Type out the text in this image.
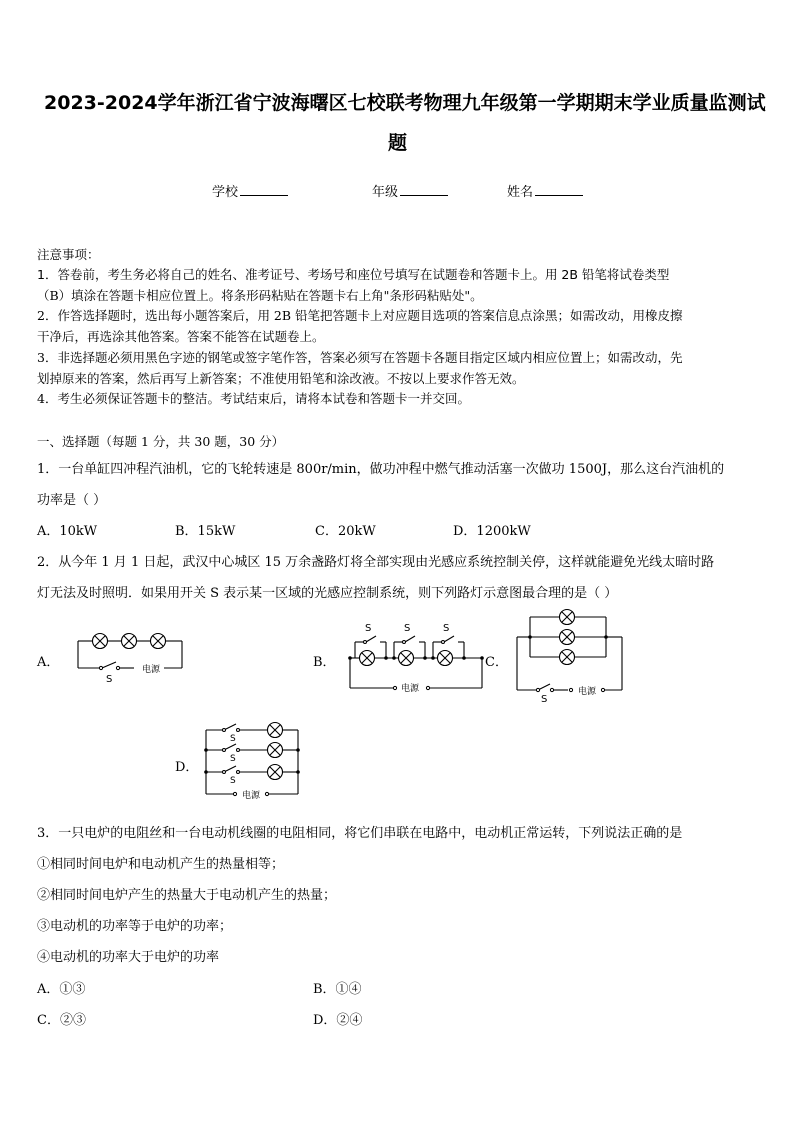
2023-2024学年浙江省宁波海曙区七校联考物理九年级第一学期期末学业质量监测试
题
学校	年级	姓名
注意事项：
1．答卷前，考生务必将自己的姓名、准考证号、考场号和座位号填写在试题卷和答题卡上。用 2B 铅笔将试卷类型
（B）填涂在答题卡相应位置上。将条形码粘贴在答题卡右上角"条形码粘贴处"。
2．作答选择题时，选出每小题答案后，用 2B 铅笔把答题卡上对应题目选项的答案信息点涂黑；如需改动，用橡皮擦
干净后，再选涂其他答案。答案不能答在试题卷上。
3．非选择题必须用黑色字迹的钢笔或签字笔作答，答案必须写在答题卡各题目指定区域内相应位置上；如需改动，先
划掉原来的答案，然后再写上新答案；不准使用铅笔和涂改液。不按以上要求作答无效。
4．考生必须保证答题卡的整洁。考试结束后，请将本试卷和答题卡一并交回。
一、选择题（每题 1 分，共 30 题，30 分）
1．一台单缸四冲程汽油机，它的飞轮转速是 800r/min，做功冲程中燃气推动活塞一次做功 1500J，那么这台汽油机的
功率是（ ）
A．10kW	B．15kW	C．20kW	D．1200kW
2．从今年 1 月 1 日起，武汉中心城区 15 万余盏路灯将全部实现由光感应系统控制关停，这样就能避免光线太暗时路
灯无法及时照明．如果用开关 S 表示某一区域的光感应控制系统，则下列路灯示意图最合理的是（ ）
A．	B．	C．
D．
S
电源
S	S	S
电源
S
电源
S
S
S
电源
3．一只电炉的电阻丝和一台电动机线圈的电阻相同，将它们串联在电路中，电动机正常运转，下列说法正确的是
①相同时间电炉和电动机产生的热量相等；
②相同时间电炉产生的热量大于电动机产生的热量；
③电动机的功率等于电炉的功率；
④电动机的功率大于电炉的功率
A．①③	B．①④
C．②③	D．②④
